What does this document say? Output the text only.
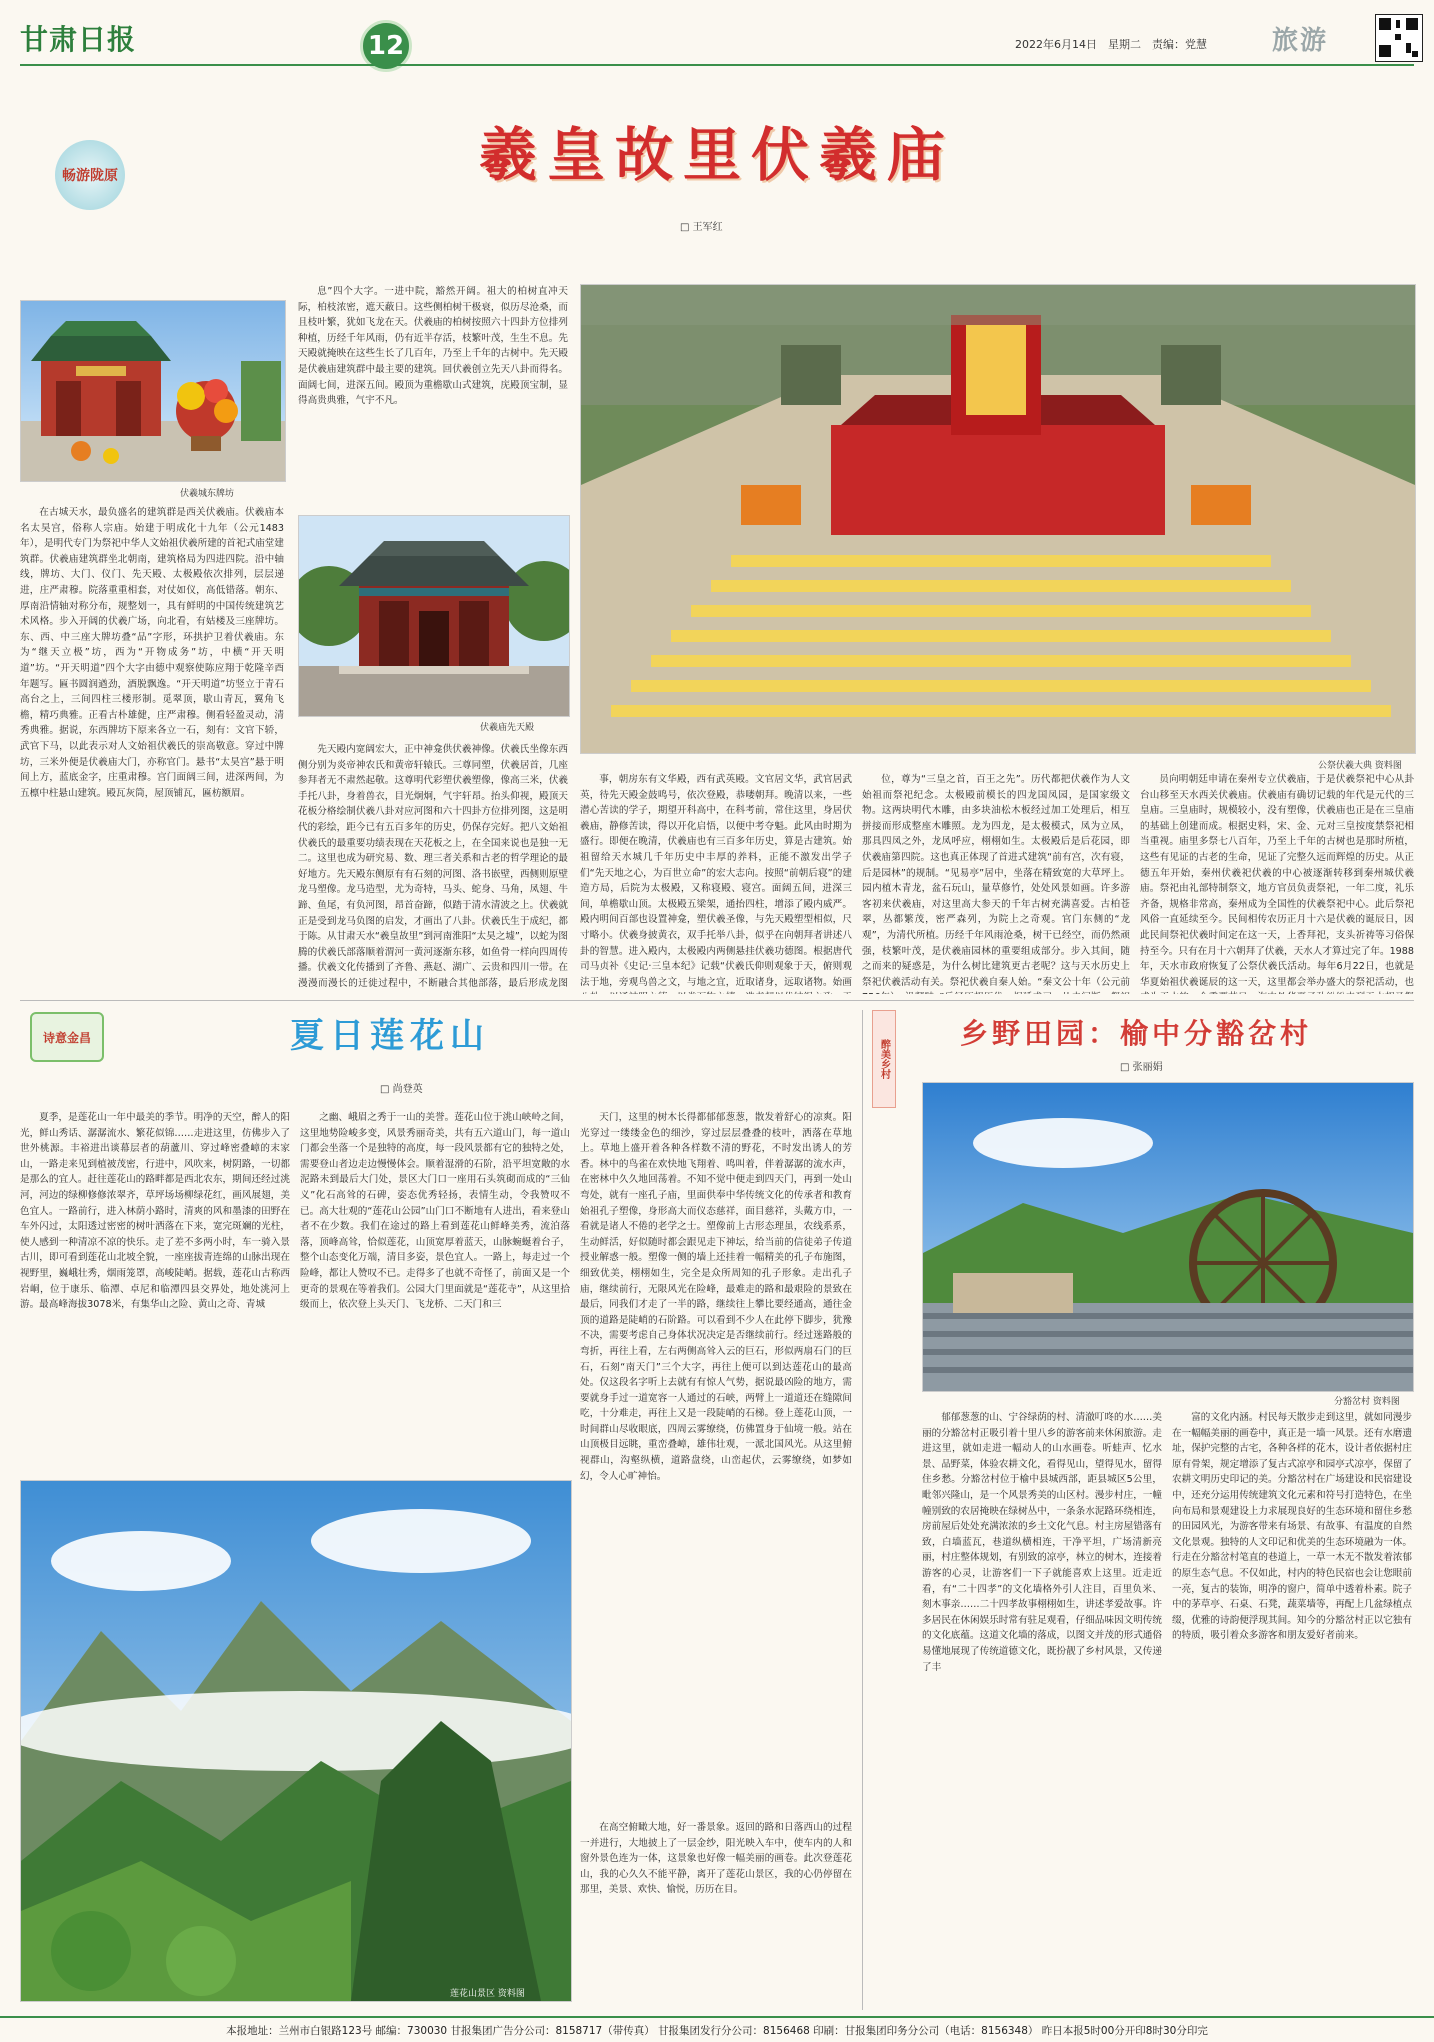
甘肃日报	12	2022年6月14日　星期二　责编：党慧	旅游
畅游陇原	羲皇故里伏羲庙
□ 王军红
伏羲城东牌坊

在古城天水，最负盛名的建筑群是西关伏羲庙。伏羲庙本名太昊宫，俗称人宗庙。始建于明成化十九年（公元1483年），是明代专门为祭祀中华人文始祖伏羲所建的首祀式庙堂建筑群。伏羲庙建筑群坐北朝南，建筑格局为四进四院。沿中轴线，牌坊、大门、仪门、先天殿、太极殿依次排列，层层递进，庄严肃穆。院落重重相套，对仗如仪，高低错落。朝东、厚南沿情轴对称分布，规整划一，具有鲜明的中国传统建筑艺术风格。步入开阔的伏羲广场，向北看，有姑楼及三座牌坊。东、西、中三座大牌坊叠“品”字形，环拱护卫着伏羲庙。东为“继天立极”坊，西为“开物成务”坊，中横“开天明道”坊。“开天明道”四个大字由德中观察使陈应翔于乾隆辛酉年题写。匾书圆润遒劲，酒脱飘逸。“开天明道”坊竖立于青石高台之上，三间四柱三楼形制。觅翠顶，歇山青瓦，翼角飞檐，精巧典雅。正看古朴雄健，庄严肃穆。侧看轻盈灵动，清秀典雅。据说，东西牌坊下原来各立一石，刻有：文官下轿，武官下马，以此表示对人文始祖伏羲氏的崇高敬意。穿过中牌坊，三米外便是伏羲庙大门，亦称官门。悬书“太昊宫”悬于明间上方，蓝底金字，庄重肃穆。宫门面阔三间，进深两间，为五檩中柱悬山建筑。殿瓦灰筒，屋顶铺瓦，匾枋额眉。

息”四个大字。一进中院，豁然开阔。祖大的柏树直冲天际，柏枝浓密，遮天蔽日。这些侧柏树干极衰，似历尽沧桑，而且枝叶繁，犹如飞龙在天。伏羲庙的柏树按照六十四卦方位排列种植，历经千年风雨，仍有近半存活，枝繁叶茂，生生不息。先天殿就掩映在这些生长了几百年，乃至上千年的古树中。先天殿是伏羲庙建筑群中最主要的建筑。回伏羲创立先天八卦而得名。面阔七间，进深五间。殿顶为重檐歇山式建筑，庑殿顶宝制，显得高贵典雅，气宇不凡。

伏羲庙先天殿
公祭伏羲大典 资料图

先天殿内宽阔宏大，正中神龛供伏羲神像。伏羲氏坐像东西侧分别为炎帝神农氏和黄帝轩辕氏。三尊同塑，伏羲居首，几座参拜者无不肃然起敬。这尊明代彩塑伏羲塑像，像高三米，伏羲手托八卦，身着兽衣，目光炯炯，气宇轩昂。抬头仰视，殿顶天花板分格绘制伏羲八卦对应河图和六十四卦方位排列图，这是明代的彩绘，距今已有五百多年的历史，仍保存完好。把八文始祖伏羲氏的最重要功绩表现在天花板之上，在全国来说也是独一无二。这里也成为研究易、数、理三者关系和古老的哲学理论的最好地方。先天殿东侧原有有石刻的河图、洛书嵌壁，西侧则原壁龙马塑像。龙马造型，尤为奇特，马头、蛇身、马角，凤翅、牛蹄、鱼尾，有负河图，昂首奋蹄，似踏于清水清波之上。伏羲就正是受到龙马负图的启发，才画出了八卦。伏羲氏生于成纪，都于陈。从甘肃天水“羲皇故里”到河南淮阳“太昊之墟”，以蛇为图腾的伏羲氏部落顺着渭河一黄河逐渐东移，如鱼骨一样向四周传播。伏羲文化传播到了齐鲁、燕赵、湖广、云贵和四川一带。在漫漫而漫长的迁徙过程中，不断融合其他部落，最后形成龙图

事，朝房东有文华殿，西有武英殿。文官居文华，武官居武英，待先天殿金鼓鸣号，依次登殿，恭喽朝拜。晚清以来，一些潜心苦读的学子，期望开科高中，在科考前，常住这里，身居伏羲庙，静修苦读，得以开化启悟，以便中考夺魁。此风由时期为盛行。即便在晚清，伏羲庙也有三百多年历史，算是古建筑。始祖留给天水城几千年历史中丰厚的养料，正能不激发出学子们“先天地之心，为百世立命”的宏大志向。按照“前朝后寝”的建造方局，后院为太极殿，又称寝殿、寝宫。面阔五间，进深三间，单檐歇山顶。太极殿五梁架，通抬四柱，增添了殿内威严。殿内明间百部也设置神龛，塑伏羲圣像，与先天殿塑型相似，尺寸略小。伏羲身披黄衣，双手托举八卦，似乎在向朝拜者讲述八卦的智慧。进入殿内，太极殿内两侧悬挂伏羲功德图。根据唐代司马贞补《史记·三皇本纪》记载“伏羲氏仰则观象于天，俯则观法于地，旁观鸟兽之文，与地之宜，近取诸身，远取诸物。始画

位，尊为“三皇之首，百王之先”。历代都把伏羲作为人文始祖而祭祀纪念。太极殿前模长的四龙国凤园，是国家级文物。这两块明代木雕，由多块油松木板经过加工处理后，相互拼接而形成整座木雕照。龙为四龙，是太极模式，凤为立凤，那具四凤之外，龙凤呼应，栩栩如生。太极殿后是后花园，即伏羲庙第四院。这也真正体现了首进式建筑“前有宫，次有寝，后是园林”的规制。“见易亭”居中，坐落在精致宽的大草坪上。园内植木青龙，盆石玩山，量草修竹，处处风景如画。许多游客初来伏羲庙，对这里高大参天的千年古树充满喜爱。古柏苍翠，丛都繁茂，密严森列，为院上之奇观。官门东侧的“龙观”，为清代所植。历经千年风雨沧桑，树干已经空，而仍然顽强，枝繁叶茂，是伏羲庙园林的重要组成部分。步入其间，随之而来的疑惑是，为什么树比建筑更古老呢？这与天水历史上祭祀伏羲活动有关。祭祀伏羲自秦人始。“秦文公十年（公元前

员向明朝廷申请在秦州专立伏羲庙，于是伏羲祭祀中心从卦台山移至天水西关伏羲庙。伏羲庙有确切记载的年代是元代的三皇庙。三皇庙时，规模较小，没有塑像，伏羲庙也正是在三皇庙的基础上创建而成。根据史料，宋、金、元对三皇按度禁祭祀相当重视。庙里多祭七八百年，乃至上千年的古树也是那时所植，这些有见证的古老的生命，见证了完整久远而辉煌的历史。从正德五年开始，秦州伏羲祀伏羲的中心被逐渐转移到秦州城伏羲庙。祭祀由礼部特制祭文，地方官员负责祭祀，一年二度，礼乐齐备，规格非常高，秦州成为全国性的伏羲祭祀中心。此后祭祀风俗一直延续至今。民间相传农历正月十六是伏羲的诞辰日，因此民间祭祀伏羲时间定在这一天，上香拜祀，支头祈祷等习俗保持至今。只有在月十六朝拜了伏羲，天水人才算过完了年。1988年，天水市政府恢复了公祭伏羲氏活动。每年6月22日，也就是华夏始祖伏羲诞辰的这一天，这里都会举办盛大的祭祀活动，也

诗意金昌	夏日莲花山
□ 尚登英

夏季，是莲花山一年中最美的季节。明净的天空，醉人的阳光，鲜山秀话、潺潺流水、繁花似锦……走进这里，仿佛步入了世外桃源。丰裕进出谈幕层者的葫蘆川、穿过峰密叠嶂的末家山，一路走来见到植被茂密，行进中，风吹来，树阴路，一切都是那么的宜人。赶往莲花山的路畔都是西北农东，期间还经过洮河，河边的绿柳修修浓翠齐，草坪场场柳绿花红，画风展翅，美色宜人。一路前行，进入林荫小路时，清爽的风和墨漆的田野在车外闪过，太阳透过密密的树叶洒落在下来，宽完斑斓的光柱，使人感到一种清凉不凉的快乐。走了差不多两小时，车一骑入景古川，即可看到莲花山北坡全貌，一座座拔青连绵的山脉出现在视野里，巍峨壮秀，烟雨笼罩，高峻陡峭。据载，莲花山古称西岩峒，位于康乐、临潭、卓尼和临潭四县交界处，地处洮河上游。最高峰海拔3078米，有集华山之险、黄山之奇、青城

之幽、峨眉之秀于一山的美誉。莲花山位于洮山峡岭之间，这里地势险峻多变，风景秀丽奇美，共有五六道山门，每一道山门都会坐落一个是独特的高度，每一段风景都有它的独特之处，需要登山者边走边慢慢体会。顺着湿滑的石阶，沿平坦宽敞的水泥路未到最后大门处，景区大门口一座用石头筑砌而成的“三仙义”化石高耸的石碑，姿态优秀轻扬，表情生动，令我赞叹不已。高大壮观的“莲花山公园”山门口不断地有人进出，看来登山者不在少数。我们在途过的路上看到莲花山鲜峰美秀，流泊落落，顶峰高耸，恰似莲花，山顶宽厚着蓝天，山脉蜿蜒着台子，整个山态变化万端，清目多姿，景色宜人。一路上，每走过一个险峰，都让人赞叹不已。走得多了也就不奇怪了，前面又是一个更奇的景观在等着我们。公园大门里面就是“莲花寺”，从这里拾级而上，依次登上头天门、飞龙桥、二天门和三

天门，这里的树木长得都郁郁葱葱，散发着舒心的凉爽。阳光穿过一缕缕金色的细沙，穿过层层叠叠的枝叶，洒落在草地上。草地上盛开着各种各样数不清的野花，不时发出诱人的芳香。林中的鸟雀在欢快地飞翔着、鸣叫着，伴着潺潺的流水声，在密林中久久地回荡着。不知不觉中便走到四天门，再到一处山弯处，就有一座孔子庙，里面供奉中华传统文化的传承者和教育始祖孔子塑像，身形高大而仪态慈祥，面目慈祥，头戴方巾，一看就是诸人不倦的老学之士。塑像前上古形态理虽，农线系系，生动鲜活，好似随时都会跟见走下神坛，给当前的信徒弟子传道授业解惑一般。塑像一侧的墙上还挂着一幅精美的孔子布施图，细致优美，栩栩如生，完全是众所周知的孔子形象。走出孔子庙，继续前行，无限风光在险峰，最难走的路和最艰险的景致在最后，同我们才走了一半的路，继续往上攀比要经通高，通往金顶的道路是陡峭的石阶路。可以看到不少人在此停下脚步，犹豫不决，需要考虑自己身体状况决定是否继续前行。经过迷路般的弯折，再往上看，左右两侧高耸入云的巨石，形似两扇石门的巨石，石刻“南天门”三个大字，再往上便可以到达莲花山的最高处。仅这段名字听上去就有有惊人气势，据说最凶险的地方，需要就身手过一道宽容一人通过的石峡，两臂上一道道还在缝隙间吃，十分难走，再往上又是一段陡峭的石梯。登上莲花山顶，一时间群山尽收眼底，四周云雾缭绕，仿佛置身于仙境一般。站在山顶极目远眺，重峦叠嶂，雄伟壮观，一派北国风光。从这里俯视群山，沟壑纵横，道路盘绕，山峦起伏，云雾缭绕，如梦如幻，令人心旷神怡。

在高空俯瞰大地，好一番景象。返回的路和日落西山的过程一并进行，大地披上了一层金纱，阳光映入车中，使车内的人和窗外景色连为一体，这景象也好像一幅美丽的画卷。此次登莲花山，我的心久久不能平静，离开了莲花山景区，我的心仍停留在那里，美景、欢快、愉悦，历历在目。

莲花山景区 资料图
醉美乡村
乡野田园：榆中分豁岔村
□ 张丽娟
分豁岔村 资料图

郁郁葱葱的山、宁谷绿荫的村、清澈叮咚的水……美丽的分豁岔村正吸引着十里八乡的游客前来休闲旅游。走进这里，就如走进一幅动人的山水画卷。听蛙声、忆水景、品野菜，体验农耕文化，看得见山，望得见水，留得住乡愁。分豁岔村位于榆中县城西部，距县城区5公里，毗邻兴隆山，是一个风景秀美的山区村。漫步村庄，一幢幢别致的农居掩映在绿树丛中，一条条水泥路环绕相连，房前屋后处处充满浓浓的乡土文化气息。村主房屋错落有致，白墙蓝瓦，巷道纵横相连，干净平坦，广场清新亮丽，村庄整体规划，有别致的凉亭，林立的树木，连接着游客的心灵，让游客们一下子就能喜欢上这里。近走近看，有“二十四孝”的文化墙格外引人注目，百里负米、刻木事亲……二十四孝故事栩栩如生，讲述孝爱故事。许多居民在休闲娱乐时常有驻足观看，仔细品味因文明传统的文化底蕴。这道文化墙的落成，以图文并茂的形式通俗易懂地展现了传统道德文化，既扮靓了乡村风景，又传递了丰

富的文化内涵。村民每天散步走到这里，就如同漫步在一幅幅美丽的画卷中，真正是一墙一风景。还有水磨遗址，保护完整的古宅，各种各样的花木，设计者依据村庄原有骨架，规定增添了复古式凉亭和园亭式凉亭，保留了农耕文明历史印记的美。分豁岔村在广场建设和民宿建设中，还充分运用传统建筑文化元素和符号打造特色，在坐向布局和景观建设上力求展现良好的生态环境和留住乡愁的田园风光，为游客带来有场景、有故事、有温度的自然文化景观。独特的人文印记和优美的生态环境融为一体。行走在分豁岔村笔直的巷道上，一草一木无不散发着浓郁的原生态气息。不仅如此，村内的特色民宿也会让您眼前一亮，复古的装饰，明净的窗户，简单中透着朴素。院子中的茅草亭、石桌、石凳，蔬菜墙等，再配上几盆绿植点缀，优雅的诗韵便浮现其间。知今的分豁岔村正以它独有的特质，吸引着众多游客和朋友爱好者前来。

本报地址：兰州市白银路123号 邮编：730030 甘报集团广告分公司：8158717（带传真） 甘报集团发行分公司：8156468 印刷：甘报集团印务分公司（电话：8156348） 昨日本报5时00分开印8时30分印完
